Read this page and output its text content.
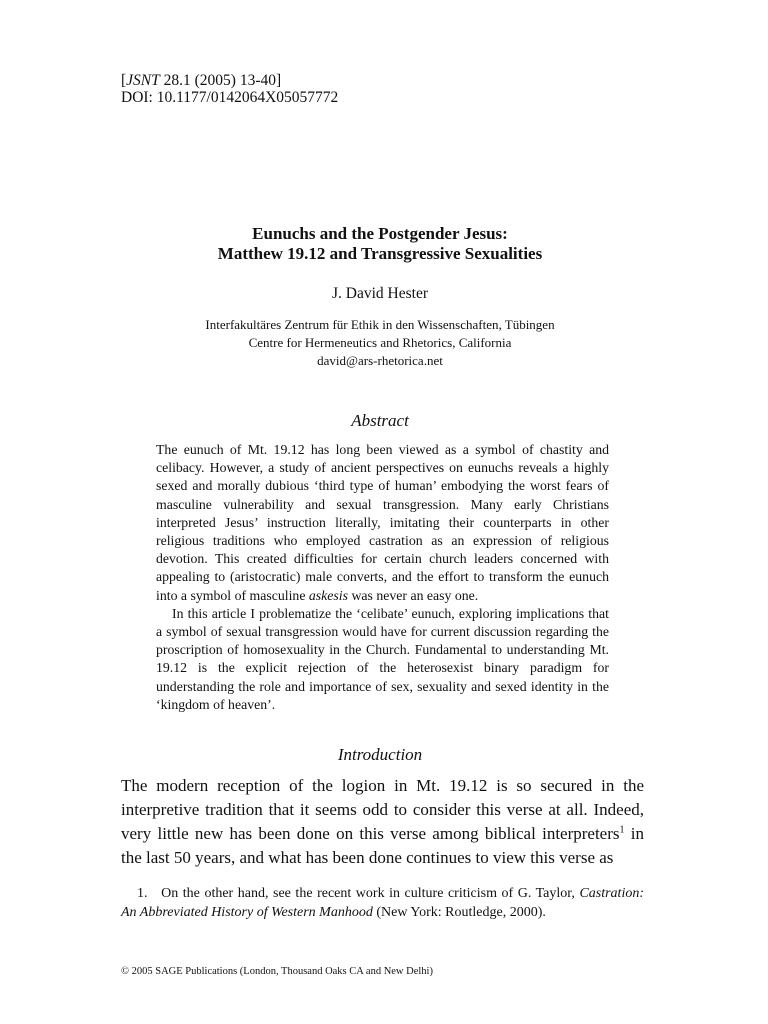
[JSNT 28.1 (2005) 13-40]
DOI: 10.1177/0142064X05057772
Eunuchs and the Postgender Jesus:
Matthew 19.12 and Transgressive Sexualities
J. David Hester
Interfakultäres Zentrum für Ethik in den Wissenschaften, Tübingen
Centre for Hermeneutics and Rhetorics, California
david@ars-rhetorica.net
Abstract

The eunuch of Mt. 19.12 has long been viewed as a symbol of chastity and celibacy. However, a study of ancient perspectives on eunuchs reveals a highly sexed and morally dubious ‘third type of human’ embodying the worst fears of masculine vulnerability and sexual transgression. Many early Christians interpreted Jesus’ instruction literally, imitating their counterparts in other religious traditions who employed castration as an expression of religious devotion. This created difficulties for certain church leaders concerned with appealing to (aristocratic) male converts, and the effort to transform the eunuch into a symbol of masculine askesis was never an easy one.

In this article I problematize the ‘celibate’ eunuch, exploring implications that a symbol of sexual transgression would have for current discussion regarding the proscription of homosexuality in the Church. Fundamental to understanding Mt. 19.12 is the explicit rejection of the heterosexist binary paradigm for understanding the role and importance of sex, sexuality and sexed identity in the ‘kingdom of heaven’.

Introduction

The modern reception of the logion in Mt. 19.12 is so secured in the interpretive tradition that it seems odd to consider this verse at all. Indeed, very little new has been done on this verse among biblical interpreters$^1$ in the last 50 years, and what has been done continues to view this verse as

1. On the other hand, see the recent work in culture criticism of G. Taylor, Castration: An Abbreviated History of Western Manhood (New York: Routledge, 2000).

© 2005 SAGE Publications (London, Thousand Oaks CA and New Delhi)
